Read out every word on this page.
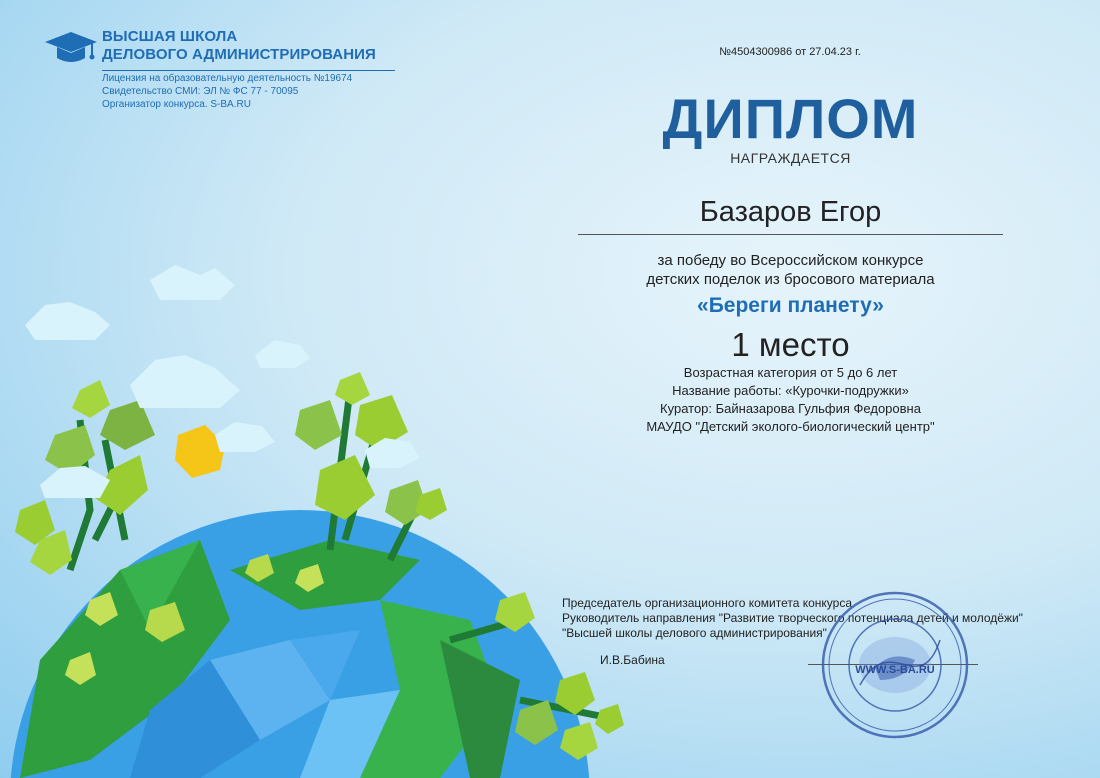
ВЫСШАЯ ШКОЛА
ДЕЛОВОГО АДМИНИСТРИРОВАНИЯ
Лицензия на образовательную деятельность №19674
Свидетельство СМИ: ЭЛ № ФС 77 - 70095
Организатор конкурса. S-BA.RU
№4504300986 от 27.04.23 г.
ДИПЛОМ
НАГРАЖДАЕТСЯ
Базаров Егор
за победу во Всероссийском конкурсе
детских поделок из бросового материала
«Береги планету»
1 место
Возрастная категория от 5 до 6 лет
Название работы: «Курочки-подружки»
Куратор: Байназарова Гульфия Федоровна
МАУДО "Детский эколого-биологический центр"
Председатель организационного комитета конкурса
Руководитель направления "Развитие творческого потенциала детей и молодёжи"
"Высшей школы делового администрирования"
И.В.Бабина
WWW.S-BA.RU
